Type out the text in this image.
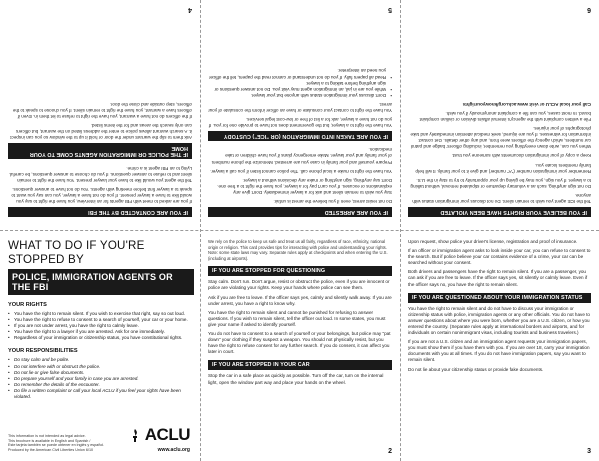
IF YOU ARE CONTACTED BY THE FBI

If you are asked to meet with FBI agents for an interview, you have the right to say you would like to have a lawyer present. If you do not have a lawyer, you can say you want to speak to a lawyer first before meeting with agents. You do not have to answer questions.

Tell the agent you would like to have your lawyer present. You have the right to remain silent and to refuse to answer questions. If you do choose to answer questions, be careful. Lying to an FBI agent is a crime.

IF THE POLICE OR IMMIGRATION AGENTS COME TO YOUR HOME

Ask them to slip the warrant under the door or hold it up to the window so you can inspect it. A search warrant allows police to enter the address listed on the warrant, but officers can only search the areas and for the items listed.

If the officers do not have a warrant, you have the right to refuse to let them in. Even if officers have a warrant, you have the right to remain silent. If you choose to speak to the officers, step outside and close the door.

4
IF YOU ARE ARRESTED

Do not resist arrest, even if you believe the arrest is unfair.

Say you wish to remain silent and ask for a lawyer immediately. Don't give any explanations or excuses. If you can't pay for a lawyer, you have the right to a free one. Don't say anything, sign anything or make any decisions without a lawyer.

You have the right to make a local phone call. The police cannot listen if you call a lawyer.

Prepare yourself and your family in case you are arrested. Memorize the phone numbers of your family and your lawyer. Make emergency plans if you have children or take medication.

IF YOU ARE TAKEN INTO IMMIGRATION (OR "ICE") CUSTODY

You have the right to a lawyer, but the government does not have to provide one for you. If you do not have a lawyer, ask for a list of free or low-cost legal services.

You have the right to contact your consulate or have an officer inform the consulate of your arrest.

• Don't discuss your immigration status with anyone but your lawyer.
• While you are in jail, an immigration agent may visit you. Do not answer questions or sign anything before talking to a lawyer.
• Read all papers fully. If you do not understand or cannot read the papers, tell the officer you need an interpreter.
5
IF YOU BELIEVE YOUR RIGHTS HAVE BEEN VIOLATED

Tell the ICE agent you wish to remain silent. Do not discuss your immigration status with anyone.

Do not sign anything, such as a voluntary departure or stipulated removal, without talking to a lawyer. If you sign, you may be giving up your opportunity to try to stay in the U.S.

Remember your immigration number ("A" number) and give it to your family. It will help family members locate you.

Keep a copy of your immigration documents with someone you trust.

When you can, write down everything you remember, including officers' badge and patrol car numbers, which agency the officers were from, and any other details. Get contact information for witnesses. If you are injured, seek medical attention immediately and take photographs of your injuries.

File a written complaint with the agency's internal affairs division or civilian complaint board. In most cases, you can file a complaint anonymously if you wish.

Call your local ACLU or visit www.aclu.org/knowyourrights

6
WHAT TO DO IF YOU'RE STOPPED BY
POLICE, IMMIGRATION AGENTS OR THE FBI
YOUR RIGHTS
• You have the right to remain silent. If you wish to exercise that right, say so out loud.
• You have the right to refuse to consent to a search of yourself, your car or your home.
• If you are not under arrest, you have the right to calmly leave.
• You have the right to a lawyer if you are arrested. Ask for one immediately.
• Regardless of your immigration or citizenship status, you have constitutional rights.
YOUR RESPONSIBILITIES
• Do stay calm and be polite.
• Do not interfere with or obstruct the police.
• Do not lie or give false documents.
• Do prepare yourself and your family in case you are arrested.
• Do remember the details of the encounter.
• Do file a written complaint or call your local ACLU if you feel your rights have been violated.
This information is not intended as legal advice.
This brochure is available in English and Spanish /
Este tarjeta también se puede obtener en inglés y español.
Produced by the American Civil Liberties Union 6/10
ACLU
www.aclu.org

We rely on the police to keep us safe and treat us all fairly, regardless of race, ethnicity, national origin or religion. This card provides tips for interacting with police and understanding your rights. Note: some state laws may vary. Separate rules apply at checkpoints and when entering the U.S. (including at airports).

IF YOU ARE STOPPED FOR QUESTIONING

Stay calm. Don't run. Don't argue, resist or obstruct the police, even if you are innocent or police are violating your rights. Keep your hands where police can see them.

Ask if you are free to leave. If the officer says yes, calmly and silently walk away. If you are under arrest, you have a right to know why.

You have the right to remain silent and cannot be punished for refusing to answer questions. If you wish to remain silent, tell the officer out loud. In some states, you must give your name if asked to identify yourself.

You do not have to consent to a search of yourself or your belongings, but police may "pat down" your clothing if they suspect a weapon. You should not physically resist, but you have the right to refuse consent for any further search. If you do consent, it can affect you later in court.

IF YOU ARE STOPPED IN YOUR CAR

Stop the car in a safe place as quickly as possible. Turn off the car, turn on the internal light, open the window part way and place your hands on the wheel.

2

Upon request, show police your driver's license, registration and proof of insurance.

If an officer or immigration agent asks to look inside your car, you can refuse to consent to the search. But if police believe your car contains evidence of a crime, your car can be searched without your consent.

Both drivers and passengers have the right to remain silent. If you are a passenger, you can ask if you are free to leave. If the officer says yes, sit silently or calmly leave. Even if the officer says no, you have the right to remain silent.

IF YOU ARE QUESTIONED ABOUT YOUR IMMIGRATION STATUS

You have the right to remain silent and do not have to discuss your immigration or citizenship status with police, immigration agents or any other officials. You do not have to answer questions about where you were born, whether you are a U.S. citizen, or how you entered the country. (Separate rules apply at international borders and airports, and for individuals on certain nonimmigrant visas, including tourists and business travelers.)

If you are not a U.S. citizen and an immigration agent requests your immigration papers, you must show them if you have them with you. If you are over 18, carry your immigration documents with you at all times. If you do not have immigration papers, say you want to remain silent.

Do not lie about your citizenship status or provide fake documents.

3
